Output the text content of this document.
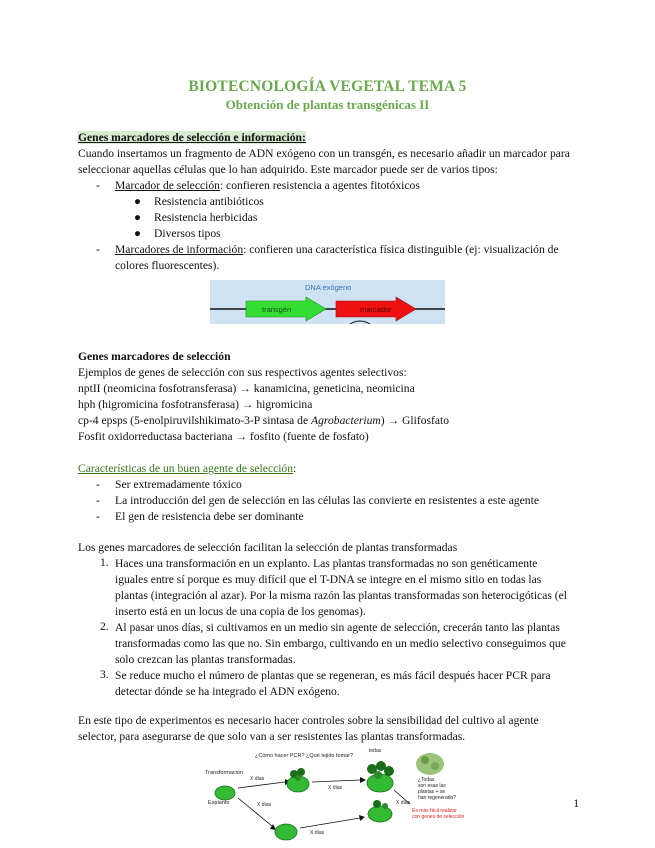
BIOTECNOLOGÍA VEGETAL TEMA 5
Obtención de plantas transgénicas II
Genes marcadores de selección e información:
Cuando insertamos un fragmento de ADN exógeno con un transgén, es necesario añadir un marcador para
seleccionar aquellas células que lo han adquirido. Este marcador puede ser de varios tipos:
- Marcador de selección: confieren resistencia a agentes fitotóxicos
● Resistencia antibióticos
● Resistencia herbicidas
● Diversos tipos
- Marcadores de información: confieren una característica física distinguible (ej: visualización de
colores fluorescentes).
DNA exógeno
transgén	marcador
Genes marcadores de selección
Ejemplos de genes de selección con sus respectivos agentes selectivos:
nptII (neomicina fosfotransferasa) → kanamicina, geneticina, neomicina
hph (higromicina fosfotransferasa) → higromicina
cp-4 epsps (5-enolpiruvilshikimato-3-P sintasa de Agrobacterium) → Glifosfato
Fosfit oxidorreductasa bacteriana → fosfito (fuente de fosfato)
Características de un buen agente de selección:
- Ser extremadamente tóxico
- La introducción del gen de selección en las células las convierte en resistentes a este agente
- El gen de resistencia debe ser dominante
Los genes marcadores de selección facilitan la selección de plantas transformadas
1. Haces una transformación en un explanto. Las plantas transformadas no son genéticamente
iguales entre sí porque es muy difícil que el T-DNA se integre en el mismo sitio en todas las
plantas (integración al azar). Por la misma razón las plantas transformadas son heterocigóticas (el
inserto está en un locus de una copia de los genomas).
2. Al pasar unos días, si cultivamos en un medio sin agente de selección, crecerán tanto las plantas
transformadas como las que no. Sin embargo, cultivando en un medio selectivo conseguimos que
solo crezcan las plantas transformadas.
3. Se reduce mucho el número de plantas que se regeneran, es más fácil después hacer PCR para
detectar dónde se ha integrado el ADN exógeno.
En este tipo de experimentos es necesario hacer controles sobre la sensibilidad del cultivo al agente
selector, para asegurarse de que solo van a ser resistentes las plantas transformadas.
¿Cómo hacer PCR? ¿Qué tejido tomar?
Transformación
Explanto
X días
X días
X días
todas
X días
¿Todas
son esas las
plantas + se
han regenerado?
X días
Es más fácil realizar
con genes de selección
1
